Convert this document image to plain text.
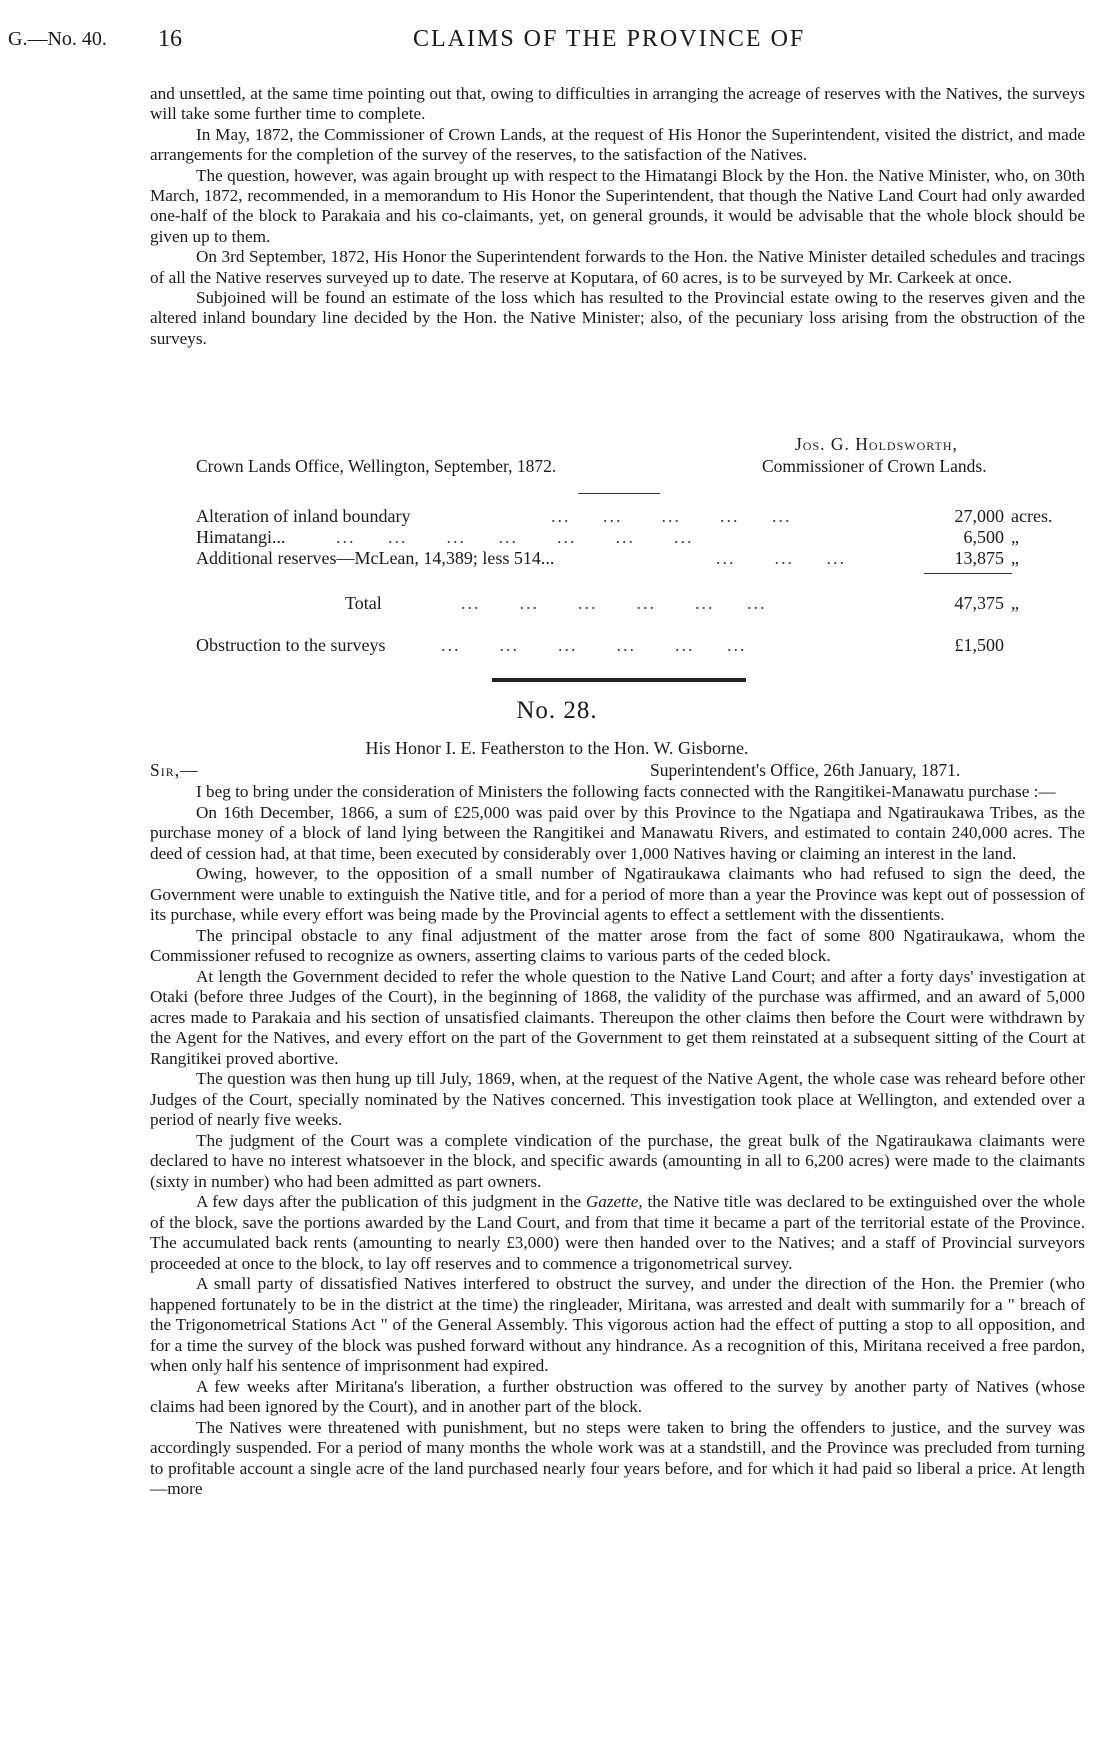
G.—No. 40. 16	CLAIMS OF THE PROVINCE OF

and unsettled, at the same time pointing out that, owing to difficulties in arranging the acreage of reserves with the Natives, the surveys will take some further time to complete.

In May, 1872, the Commissioner of Crown Lands, at the request of His Honor the Superintendent, visited the district, and made arrangements for the completion of the survey of the reserves, to the satisfaction of the Natives.

The question, however, was again brought up with respect to the Himatangi Block by the Hon. the Native Minister, who, on 30th March, 1872, recommended, in a memorandum to His Honor the Superintendent, that though the Native Land Court had only awarded one-half of the block to Parakaia and his co-claimants, yet, on general grounds, it would be advisable that the whole block should be given up to them.

On 3rd September, 1872, His Honor the Superintendent forwards to the Hon. the Native Minister detailed schedules and tracings of all the Native reserves surveyed up to date. The reserve at Koputara, of 60 acres, is to be surveyed by Mr. Carkeek at once.

Subjoined will be found an estimate of the loss which has resulted to the Provincial estate owing to the reserves given and the altered inland boundary line decided by the Hon. the Native Minister; also, of the pecuniary loss arising from the obstruction of the surveys.

Jos. G. Holdsworth,
Crown Lands Office, Wellington, September, 1872.	Commissioner of Crown Lands.
Alteration of inland boundary	...     ...      ...      ...     ...	27,000 acres.
Himatangi...	...     ...      ...     ...      ...      ...      ...	6,500 „
Additional reserves—McLean, 14,389; less 514...	...      ...     ...	13,875 „
Total	...      ...      ...      ...      ...     ...	47,375 „
Obstruction to the surveys	...      ...      ...      ...      ...     ...	£1,500
No. 28.
His Honor I. E. Featherston to the Hon. W. Gisborne.
Sir,—	Superintendent's Office, 26th January, 1871.

I beg to bring under the consideration of Ministers the following facts connected with the Rangitikei-Manawatu purchase :—

On 16th December, 1866, a sum of £25,000 was paid over by this Province to the Ngatiapa and Ngatiraukawa Tribes, as the purchase money of a block of land lying between the Rangitikei and Manawatu Rivers, and estimated to contain 240,000 acres. The deed of cession had, at that time, been executed by considerably over 1,000 Natives having or claiming an interest in the land.

Owing, however, to the opposition of a small number of Ngatiraukawa claimants who had refused to sign the deed, the Government were unable to extinguish the Native title, and for a period of more than a year the Province was kept out of possession of its purchase, while every effort was being made by the Provincial agents to effect a settlement with the dissentients.

The principal obstacle to any final adjustment of the matter arose from the fact of some 800 Ngatiraukawa, whom the Commissioner refused to recognize as owners, asserting claims to various parts of the ceded block.

At length the Government decided to refer the whole question to the Native Land Court; and after a forty days' investigation at Otaki (before three Judges of the Court), in the beginning of 1868, the validity of the purchase was affirmed, and an award of 5,000 acres made to Parakaia and his section of unsatisfied claimants. Thereupon the other claims then before the Court were withdrawn by the Agent for the Natives, and every effort on the part of the Government to get them reinstated at a subsequent sitting of the Court at Rangitikei proved abortive.

The question was then hung up till July, 1869, when, at the request of the Native Agent, the whole case was reheard before other Judges of the Court, specially nominated by the Natives concerned. This investigation took place at Wellington, and extended over a period of nearly five weeks.

The judgment of the Court was a complete vindication of the purchase, the great bulk of the Ngatiraukawa claimants were declared to have no interest whatsoever in the block, and specific awards (amounting in all to 6,200 acres) were made to the claimants (sixty in number) who had been admitted as part owners.

A few days after the publication of this judgment in the Gazette, the Native title was declared to be extinguished over the whole of the block, save the portions awarded by the Land Court, and from that time it became a part of the territorial estate of the Province. The accumulated back rents (amounting to nearly £3,000) were then handed over to the Natives; and a staff of Provincial surveyors proceeded at once to the block, to lay off reserves and to commence a trigonometrical survey.

A small party of dissatisfied Natives interfered to obstruct the survey, and under the direction of the Hon. the Premier (who happened fortunately to be in the district at the time) the ringleader, Miritana, was arrested and dealt with summarily for a " breach of the Trigonometrical Stations Act " of the General Assembly. This vigorous action had the effect of putting a stop to all opposition, and for a time the survey of the block was pushed forward without any hindrance. As a recognition of this, Miritana received a free pardon, when only half his sentence of imprisonment had expired.

A few weeks after Miritana's liberation, a further obstruction was offered to the survey by another party of Natives (whose claims had been ignored by the Court), and in another part of the block.

The Natives were threatened with punishment, but no steps were taken to bring the offenders to justice, and the survey was accordingly suspended. For a period of many months the whole work was at a standstill, and the Province was precluded from turning to profitable account a single acre of the land purchased nearly four years before, and for which it had paid so liberal a price. At length—more
